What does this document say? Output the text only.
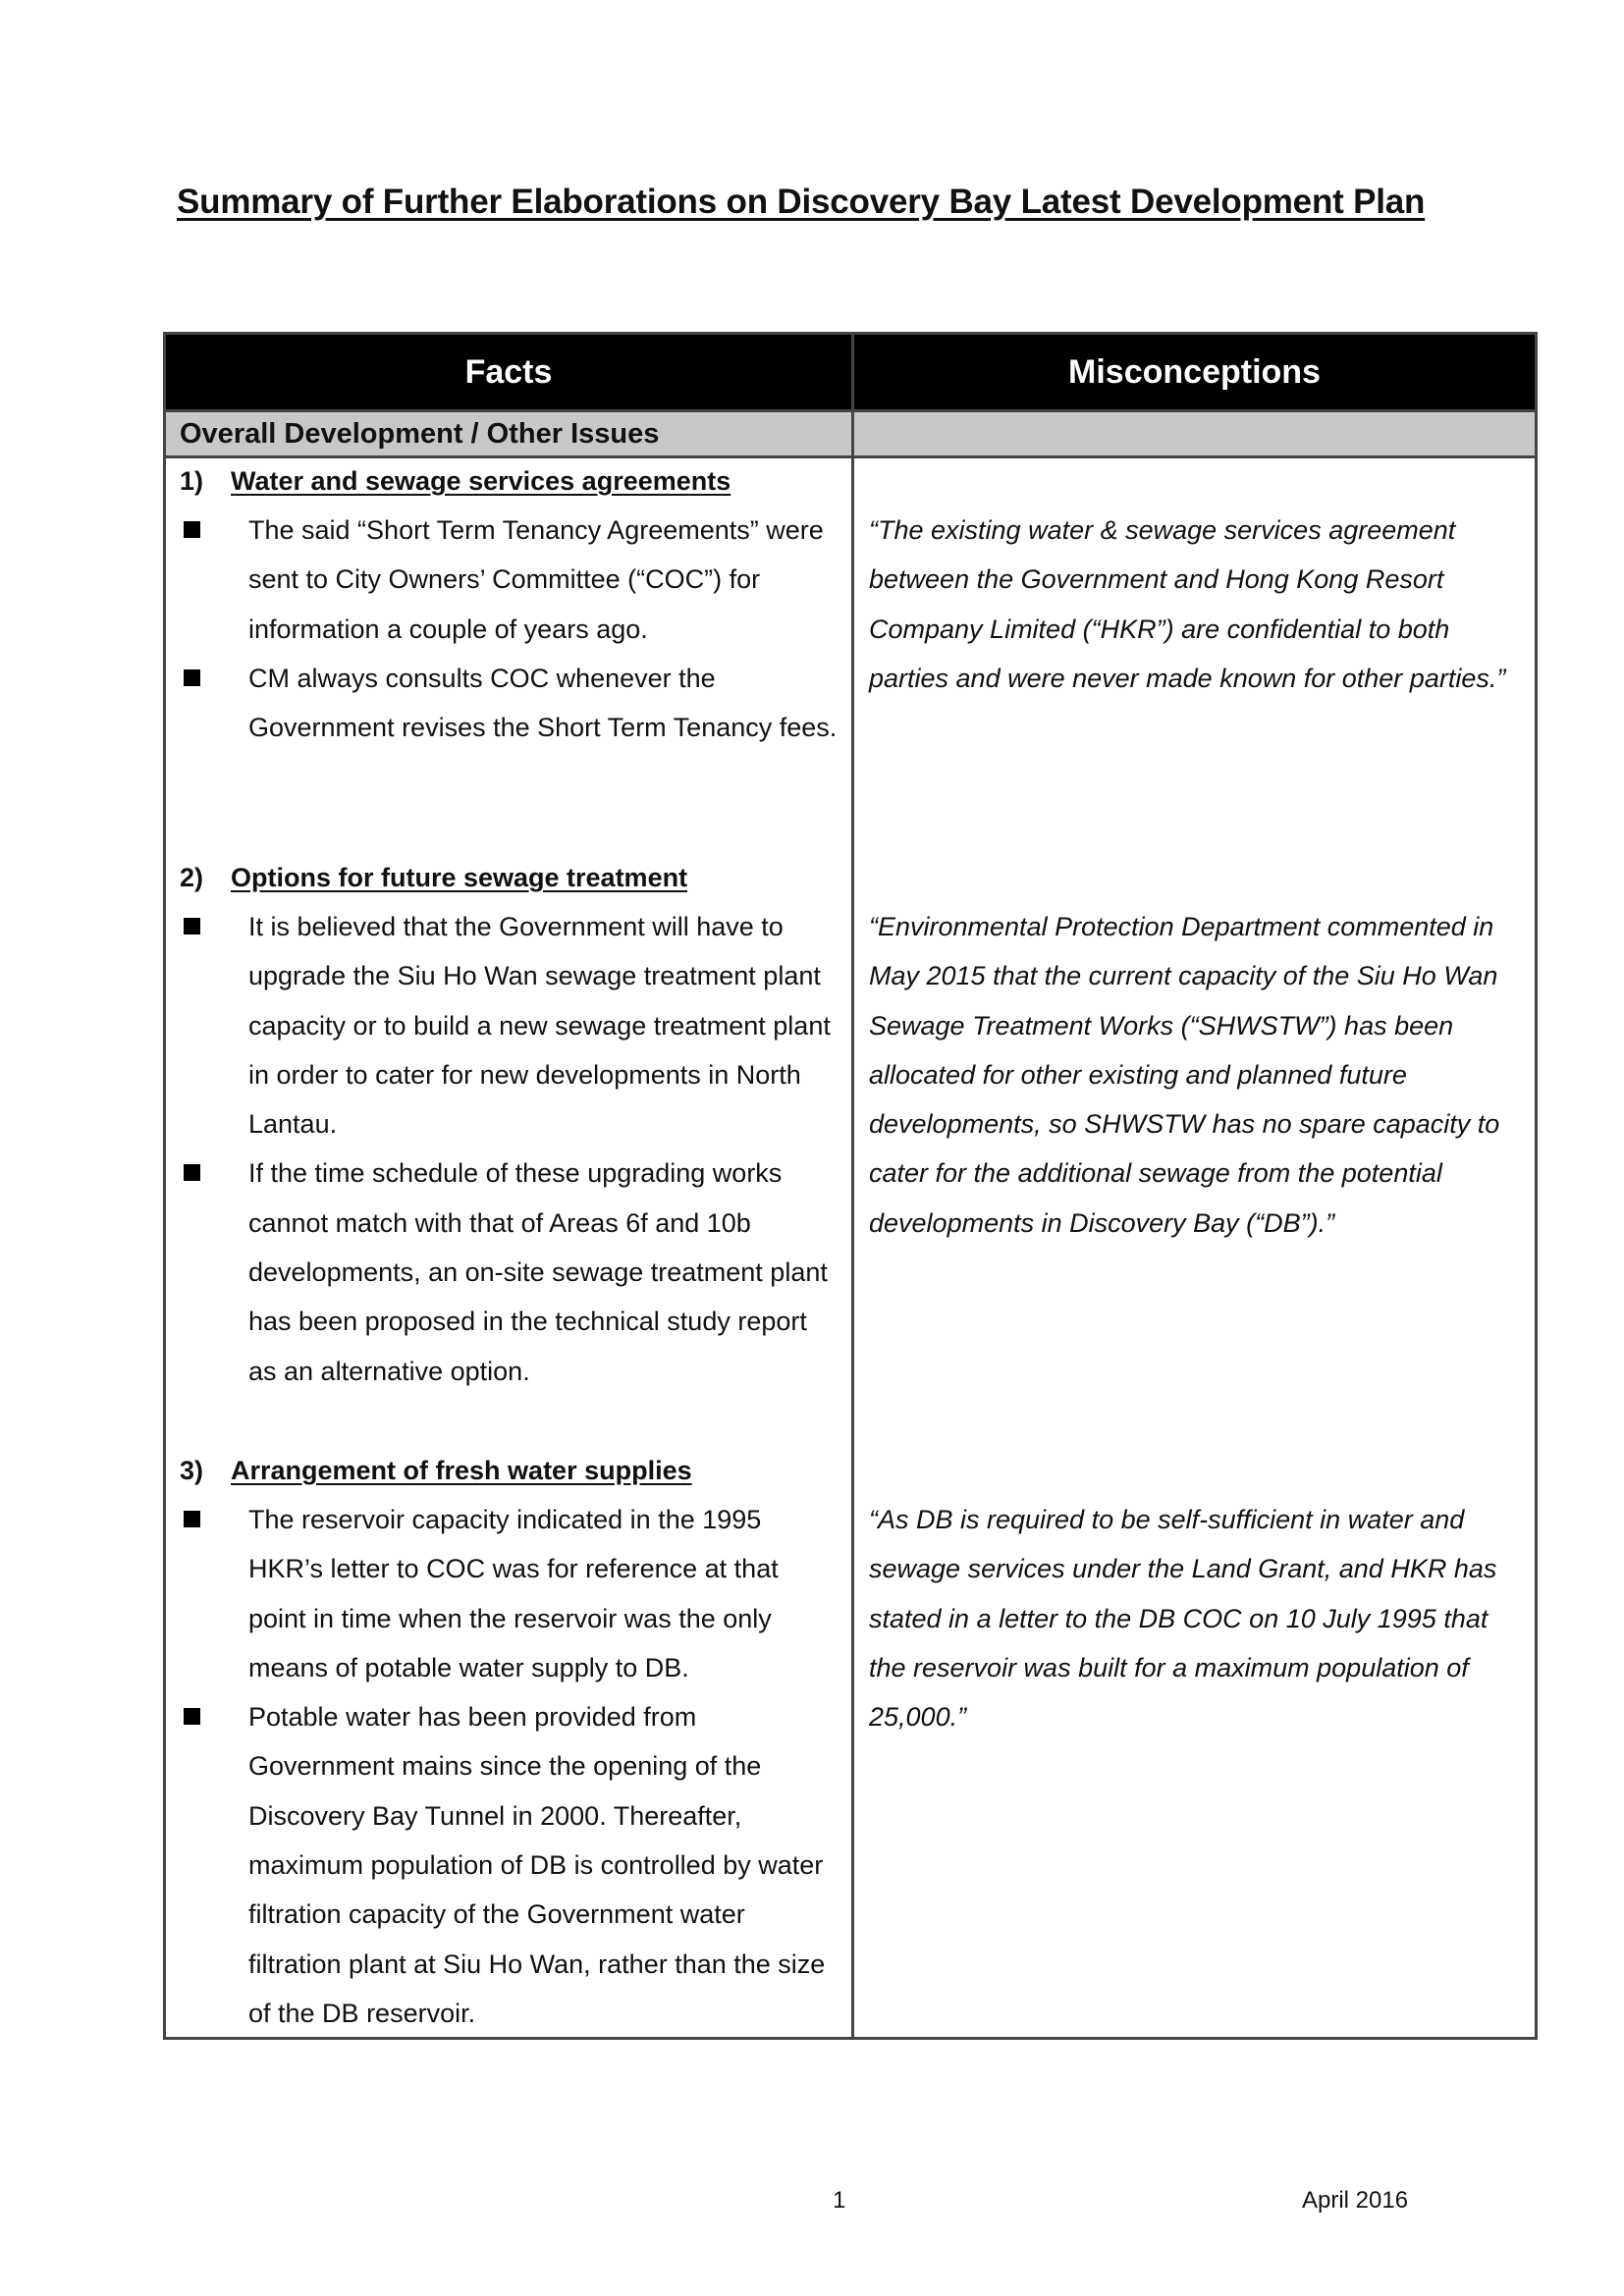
Summary of Further Elaborations on Discovery Bay Latest Development Plan
Facts	Misconceptions
Overall Development / Other Issues
1) Water and sewage services agreements
The said “Short Term Tenancy Agreements” were sent to City Owners’ Committee (“COC”) for information a couple of years ago.
CM always consults COC whenever the Government revises the Short Term Tenancy fees.

“The existing water & sewage services agreement between the Government and Hong Kong Resort Company Limited (“HKR”) are confidential to both parties and were never made known for other parties.”

2) Options for future sewage treatment
It is believed that the Government will have to upgrade the Siu Ho Wan sewage treatment plant capacity or to build a new sewage treatment plant in order to cater for new developments in North Lantau.
If the time schedule of these upgrading works cannot match with that of Areas 6f and 10b developments, an on-site sewage treatment plant has been proposed in the technical study report as an alternative option.

“Environmental Protection Department commented in May 2015 that the current capacity of the Siu Ho Wan Sewage Treatment Works (“SHWSTW”) has been allocated for other existing and planned future developments, so SHWSTW has no spare capacity to cater for the additional sewage from the potential developments in Discovery Bay (“DB”).”

3) Arrangement of fresh water supplies
The reservoir capacity indicated in the 1995 HKR’s letter to COC was for reference at that point in time when the reservoir was the only means of potable water supply to DB.
Potable water has been provided from Government mains since the opening of the Discovery Bay Tunnel in 2000. Thereafter, maximum population of DB is controlled by water filtration capacity of the Government water filtration plant at Siu Ho Wan, rather than the size of the DB reservoir.

“As DB is required to be self-sufficient in water and sewage services under the Land Grant, and HKR has stated in a letter to the DB COC on 10 July 1995 that the reservoir was built for a maximum population of 25,000.”

1	April 2016
